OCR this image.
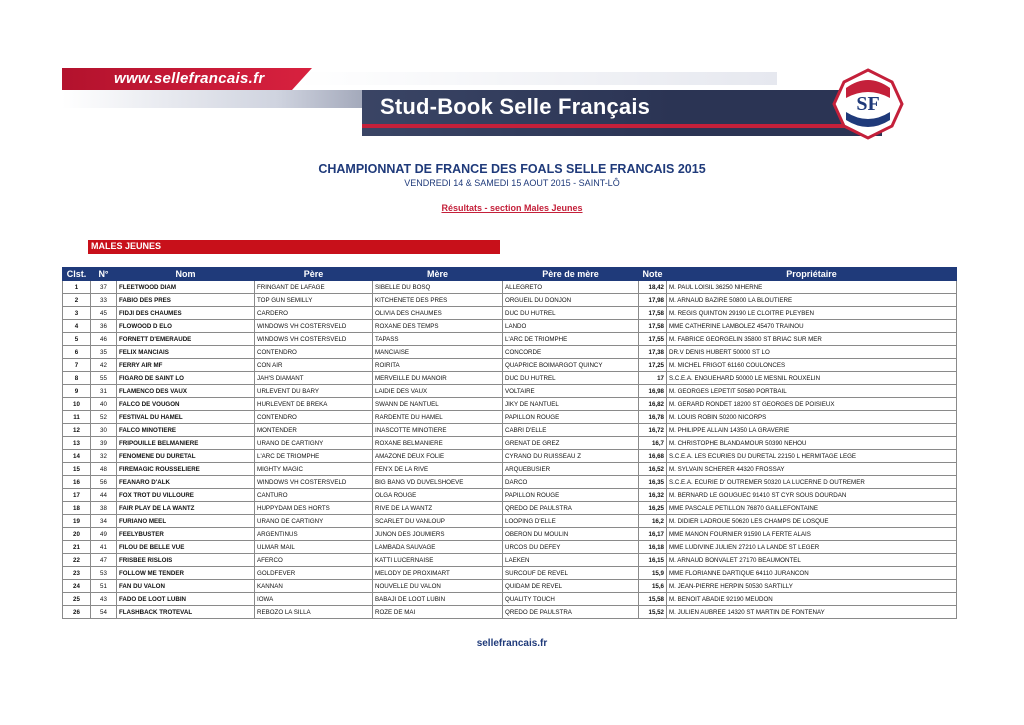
www.sellefrancais.fr
Stud-Book Selle Français	SF
CHAMPIONNAT DE FRANCE DES FOALS SELLE FRANCAIS 2015
VENDREDI 14 & SAMEDI 15 AOUT 2015 - SAINT-LÔ
Résultats - section Males Jeunes
MALES JEUNES
Clst.	N°	Nom	Père	Mère	Père de mère	Note	Propriétaire
1	37	FLEETWOOD DIAM	FRINGANT DE LAFAGE	SIBELLE DU BOSQ	ALLEGRETO	18,42	M. PAUL LOISIL 36250 NIHERNE
2	33	FABIO DES PRES	TOP GUN SEMILLY	KITCHENETE DES PRES	ORGUEIL DU DONJON	17,98	M. ARNAUD BAZIRE 50800 LA BLOUTIERE
3	45	FIDJI DES CHAUMES	CARDERO	OLIVIA DES CHAUMES	DUC DU HUTREL	17,58	M. REGIS QUINTON 29190 LE CLOITRE PLEYBEN
4	36	FLOWOOD D ELO	WINDOWS VH COSTERSVELD	ROXANE DES TEMPS	LANDO	17,58	MME CATHERINE LAMBOLEZ 45470 TRAINOU
5	46	FORNETT D'EMERAUDE	WINDOWS VH COSTERSVELD	TAPASS	L'ARC DE TRIOMPHE	17,55	M. FABRICE GEORGELIN 35800 ST BRIAC SUR MER
6	35	FELIX MANCIAIS	CONTENDRO	MANCIAISE	CONCORDE	17,38	DR.V DENIS HUBERT 50000 ST LO
7	42	FERRY AIR MF	CON AIR	ROIRITA	QUAPRICE BOIMARGOT QUINCY	17,25	M. MICHEL FRIGOT 61160 COULONCES
8	55	FIGARO DE SAINT LO	JAH'S DIAMANT	MERVEILLE DU MANOIR	DUC DU HUTREL	17	S.C.E.A. ENGUEHARD 50000 LE MESNIL ROUXELIN
9	31	FLAMENCO DES VAUX	URLEVENT DU BARY	LAIDIE DES VAUX	VOLTAIRE	16,98	M. GEORGES LEPETIT 50580 PORTBAIL
10	40	FALCO DE VOUGON	HURLEVENT DE BREKA	SWANN DE NANTUEL	JIKY DE NANTUEL	16,82	M. GERARD RONDET 18200 ST GEORGES DE POISIEUX
11	52	FESTIVAL DU HAMEL	CONTENDRO	RARDENTE DU HAMEL	PAPILLON ROUGE	16,78	M. LOUIS ROBIN 50200 NICORPS
12	30	FALCO MINOTIERE	MONTENDER	INASCOTTE MINOTIERE	CABRI D'ELLE	16,72	M. PHILIPPE ALLAIN 14350 LA GRAVERIE
13	39	FRIPOUILLE BELMANIERE	URANO DE CARTIGNY	ROXANE BELMANIERE	GRENAT DE GREZ	16,7	M. CHRISTOPHE BLANDAMOUR 50390 NEHOU
14	32	FENOMENE DU DURETAL	L'ARC DE TRIOMPHE	AMAZONE DEUX FOLIE	CYRANO DU RUISSEAU Z	16,68	S.C.E.A. LES ECURIES DU DURETAL 22150 L HERMITAGE LEGE
15	48	FIREMAGIC ROUSSELIERE	MIGHTY MAGIC	FEN'X DE LA RIVE	ARQUEBUSIER	16,52	M. SYLVAIN SCHERER 44320 FROSSAY
16	56	FEANARO D'ALK	WINDOWS VH COSTERSVELD	BIG BANG VD DUVELSHOEVE	DARCO	16,35	S.C.E.A. ECURIE D' OUTREMER 50320 LA LUCERNE D OUTREMER
17	44	FOX TROT DU VILLOURE	CANTURO	OLGA ROUGE	PAPILLON ROUGE	16,32	M. BERNARD LE GOUGUEC 91410 ST CYR SOUS DOURDAN
18	38	FAIR PLAY DE LA WANTZ	HUPPYDAM DES HORTS	RIVE DE LA WANTZ	QREDO DE PAULSTRA	16,25	MME PASCALE PETILLON 76870 GAILLEFONTAINE
19	34	FURIANO MEEL	URANO DE CARTIGNY	SCARLET DU VANLOUP	LOOPING D'ELLE	16,2	M. DIDIER LADROUE 50620 LES CHAMPS DE LOSQUE
20	49	FEELYBUSTER	ARGENTINUS	JUNON DES JOUMIERS	OBERON DU MOULIN	16,17	MME MANON FOURNIER 91590 LA FERTE ALAIS
21	41	FILOU DE BELLE VUE	ULMAR MAIL	LAMBADA SAUVAGE	URCOS DU DEFEY	16,18	MME LUDIVINE JULIEN 27210 LA LANDE ST LEGER
22	47	FRISBEE RISLOIS	AFERCO	KATTI LUCERNAISE	LAEKEN	16,15	M. ARNAUD BONVALET 27170 BEAUMONTEL
23	53	FOLLOW ME TENDER	GOLDFEVER	MELODY DE PROXIMART	SURCOUF DE REVEL	15,9	MME FLORIANNE DARTIQUE 64110 JURANCON
24	51	FAN DU VALON	KANNAN	NOUVELLE DU VALON	QUIDAM DE REVEL	15,6	M. JEAN-PIERRE HERPIN 50530 SARTILLY
25	43	FADO DE LOOT LUBIN	IOWA	BABAJI DE LOOT LUBIN	QUALITY TOUCH	15,58	M. BENOIT ABADIE 92190 MEUDON
26	54	FLASHBACK TROTEVAL	REBOZO LA SILLA	ROZE DE MAI	QREDO DE PAULSTRA	15,52	M. JULIEN AUBREE 14320 ST MARTIN DE FONTENAY
sellefrancais.fr
